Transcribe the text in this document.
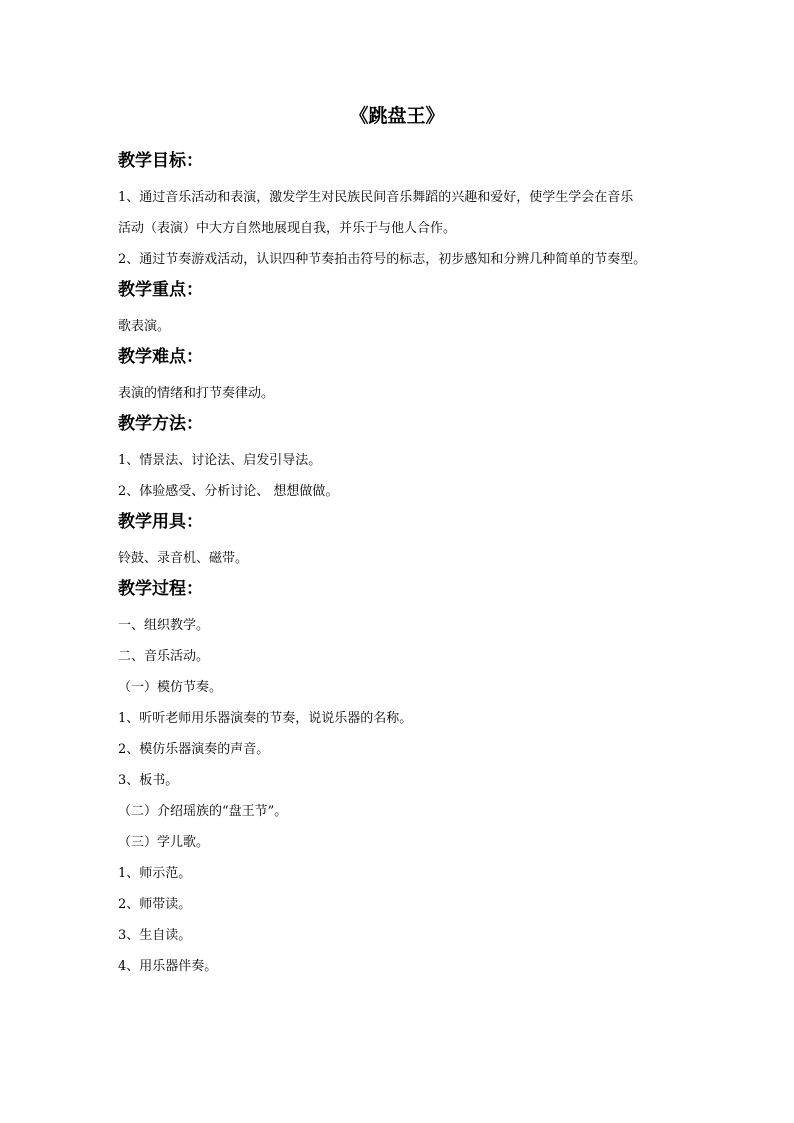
《跳盘王》

教学目标：

1、通过音乐活动和表演，激发学生对民族民间音乐舞蹈的兴趣和爱好，使学生学会在音乐

活动（表演）中大方自然地展现自我，并乐于与他人合作。

2、通过节奏游戏活动，认识四种节奏拍击符号的标志，初步感知和分辨几种简单的节奏型。

教学重点：

歌表演。

教学难点：

表演的情绪和打节奏律动。

教学方法：

1、情景法、讨论法、启发引导法。

2、体验感受、分析讨论、 想想做做。

教学用具：

铃鼓、录音机、磁带。

教学过程：

一、组织教学。

二、音乐活动。

（一）模仿节奏。

1、听听老师用乐器演奏的节奏，说说乐器的名称。

2、模仿乐器演奏的声音。

3、板书。

（二）介绍瑶族的“盘王节”。

（三）学儿歌。

1、师示范。

2、师带读。

3、生自读。

4、用乐器伴奏。
